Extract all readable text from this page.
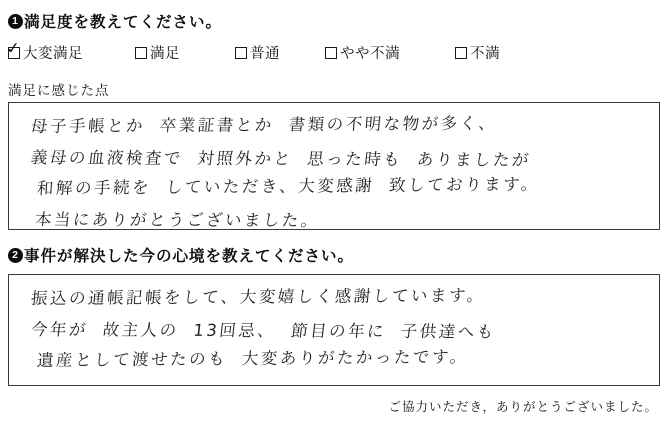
1 満足度を教えてください。
✓ 大変満足	満足	普通	やや不満	不満
満足に感じた点

母子手帳とか 卒業証書とか 書類の不明な物が多く、

義母の血液検査で 対照外かと 思った時も ありましたが

和解の手続を していただき、大変感謝 致しております。

本当にありがとうございました。

2 事件が解決した今の心境を教えてください。

振込の通帳記帳をして、大変嬉しく感謝しています。

今年が 故主人の 13回忌、 節目の年に 子供達へも

遺産として渡せたのも 大変ありがたかったです。

ご協力いただき，ありがとうございました。
